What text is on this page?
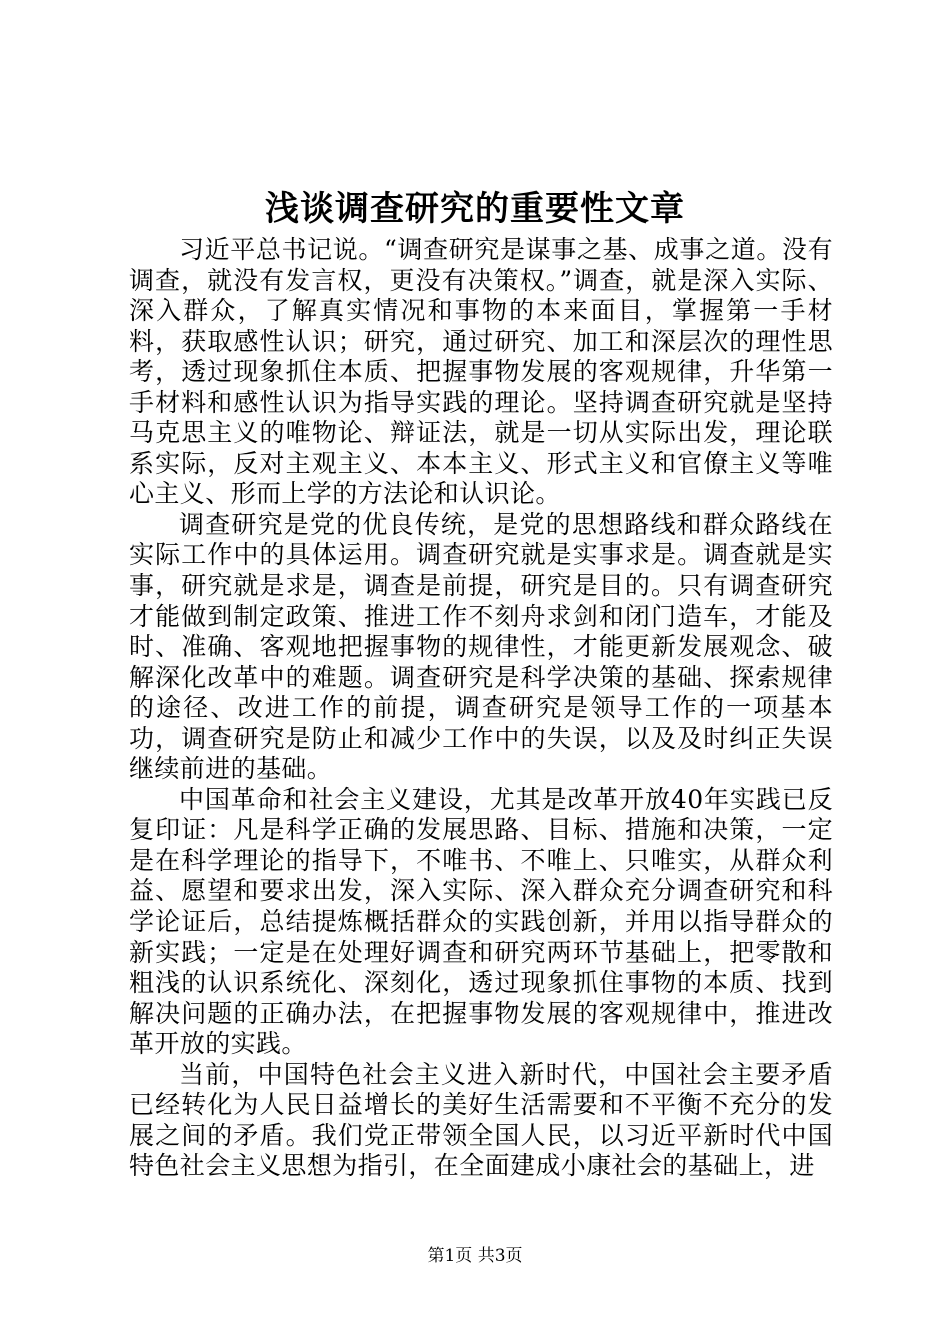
浅谈调查研究的重要性文章

习近平总书记说。“调查研究是谋事之基、成事之道。没有调查，就没有发言权，更没有决策权。”调查，就是深入实际、深入群众，了解真实情况和事物的本来面目，掌握第一手材料，获取感性认识；研究，通过研究、加工和深层次的理性思考，透过现象抓住本质、把握事物发展的客观规律，升华第一手材料和感性认识为指导实践的理论。坚持调查研究就是坚持马克思主义的唯物论、辩证法，就是一切从实际出发，理论联系实际，反对主观主义、本本主义、形式主义和官僚主义等唯心主义、形而上学的方法论和认识论。

调查研究是党的优良传统，是党的思想路线和群众路线在实际工作中的具体运用。调查研究就是实事求是。调查就是实事，研究就是求是，调查是前提，研究是目的。只有调查研究才能做到制定政策、推进工作不刻舟求剑和闭门造车，才能及时、准确、客观地把握事物的规律性，才能更新发展观念、破解深化改革中的难题。调查研究是科学决策的基础、探索规律的途径、改进工作的前提，调查研究是领导工作的一项基本功，调查研究是防止和减少工作中的失误，以及及时纠正失误继续前进的基础。

中国革命和社会主义建设，尤其是改革开放40年实践已反复印证：凡是科学正确的发展思路、目标、措施和决策，一定是在科学理论的指导下，不唯书、不唯上、只唯实，从群众利益、愿望和要求出发，深入实际、深入群众充分调查研究和科学论证后，总结提炼概括群众的实践创新，并用以指导群众的新实践；一定是在处理好调查和研究两环节基础上，把零散和粗浅的认识系统化、深刻化，透过现象抓住事物的本质、找到解决问题的正确办法，在把握事物发展的客观规律中，推进改革开放的实践。

当前，中国特色社会主义进入新时代，中国社会主要矛盾已经转化为人民日益增长的美好生活需要和不平衡不充分的发展之间的矛盾。我们党正带领全国人民，以习近平新时代中国特色社会主义思想为指引，在全面建成小康社会的基础上，进

第1页 共3页
